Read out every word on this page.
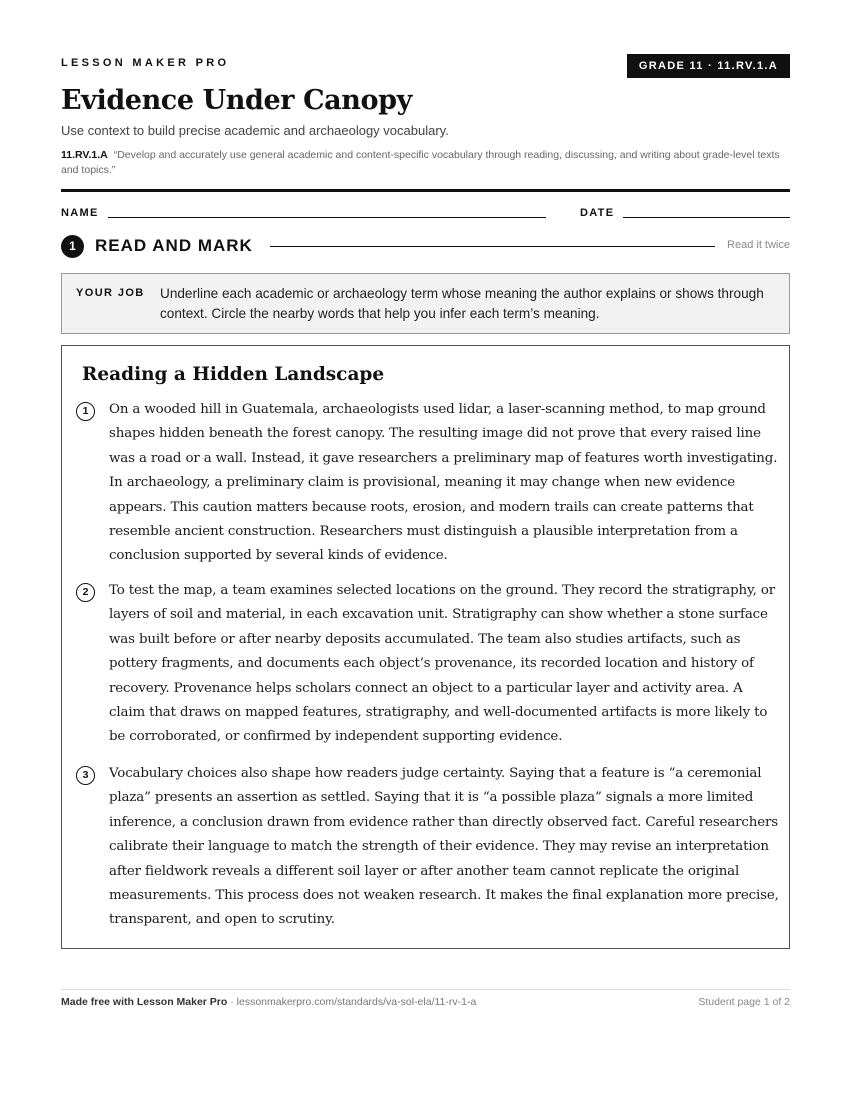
LESSON MAKER PRO	GRADE 11 · 11.RV.1.A
Evidence Under Canopy
Use context to build precise academic and archaeology vocabulary.
11.RV.1.A “Develop and accurately use general academic and content-specific vocabulary through reading, discussing, and writing about grade-level texts and topics.”
NAME	DATE
1	READ AND MARK	Read it twice
YOUR JOB Underline each academic or archaeology term whose meaning the author explains or shows through context. Circle the nearby words that help you infer each term’s meaning.
Reading a Hidden Landscape
1	On a wooded hill in Guatemala, archaeologists used lidar, a laser-scanning method, to map ground shapes hidden beneath the forest canopy. The resulting image did not prove that every raised line was a road or a wall. Instead, it gave researchers a preliminary map of features worth investigating. In archaeology, a preliminary claim is provisional, meaning it may change when new evidence appears. This caution matters because roots, erosion, and modern trails can create patterns that resemble ancient construction. Researchers must distinguish a plausible interpretation from a conclusion supported by several kinds of evidence.

2	To test the map, a team examines selected locations on the ground. They record the stratigraphy, or layers of soil and material, in each excavation unit. Stratigraphy can show whether a stone surface was built before or after nearby deposits accumulated. The team also studies artifacts, such as pottery fragments, and documents each object’s provenance, its recorded location and history of recovery. Provenance helps scholars connect an object to a particular layer and activity area. A claim that draws on mapped features, stratigraphy, and well-documented artifacts is more likely to be corroborated, or confirmed by independent supporting evidence.

3	Vocabulary choices also shape how readers judge certainty. Saying that a feature is “a ceremonial plaza” presents an assertion as settled. Saying that it is “a possible plaza” signals a more limited inference, a conclusion drawn from evidence rather than directly observed fact. Careful researchers calibrate their language to match the strength of their evidence. They may revise an interpretation after fieldwork reveals a different soil layer or after another team cannot replicate the original measurements. This process does not weaken research. It makes the final explanation more precise, transparent, and open to scrutiny.

Made free with Lesson Maker Pro · lessonmakerpro.com/standards/va-sol-ela/11-rv-1-a	Student page 1 of 2
